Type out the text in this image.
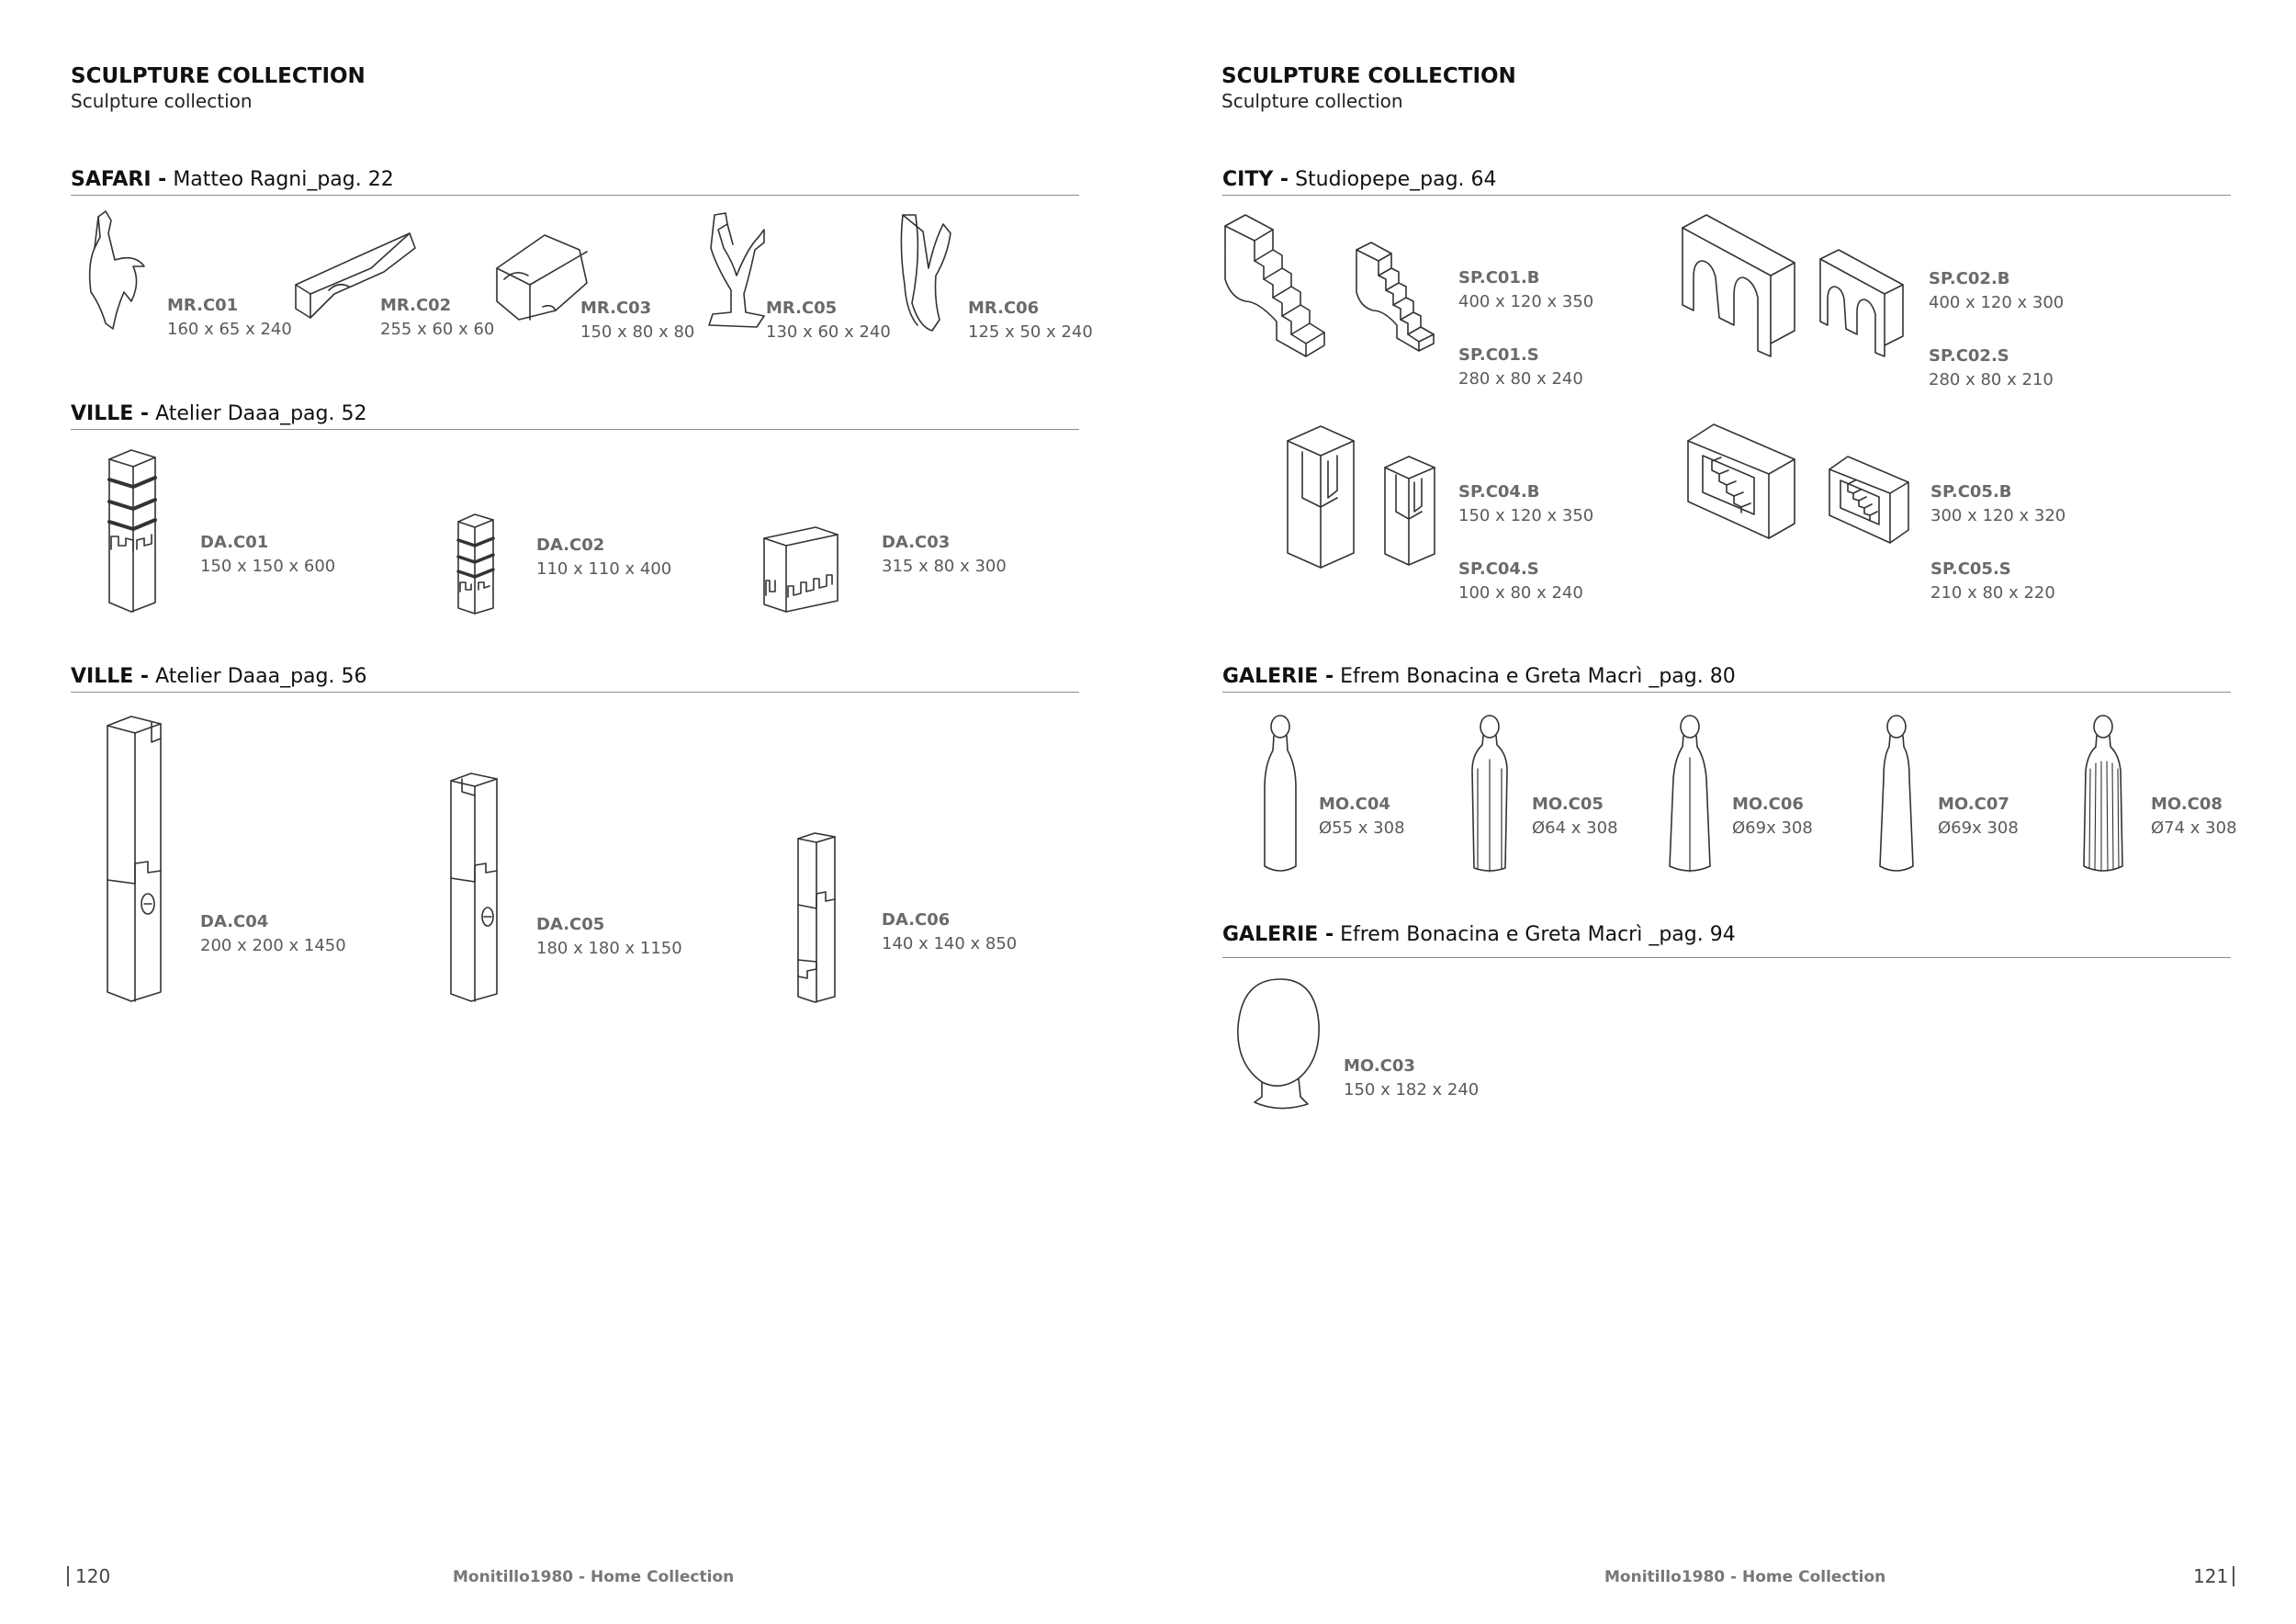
SCULPTURE COLLECTION
Sculpture collection
SAFARI - Matteo Ragni_pag. 22
MR.C01
160 x 65 x 240
MR.C02
255 x 60 x 60
MR.C03
150 x 80 x 80
MR.C05
130 x 60 x 240
MR.C06
125 x 50 x 240
VILLE - Atelier Daaa_pag. 52
DA.C01
150 x 150 x 600
DA.C02
110 x 110 x 400
DA.C03
315 x 80 x 300
VILLE - Atelier Daaa_pag. 56
DA.C04
200 x 200 x 1450
DA.C05
180 x 180 x 1150
DA.C06
140 x 140 x 850
120	Monitillo1980 - Home Collection
SCULPTURE COLLECTION
Sculpture collection
CITY - Studiopepe_pag. 64
SP.C01.B
400 x 120 x 350
SP.C01.S
280 x 80 x 240
SP.C02.B
400 x 120 x 300
SP.C02.S
280 x 80 x 210
SP.C04.B
150 x 120 x 350
SP.C04.S
100 x 80 x 240
SP.C05.B
300 x 120 x 320
SP.C05.S
210 x 80 x 220
GALERIE - Efrem Bonacina e Greta Macrì _pag. 80
MO.C04
Ø55 x 308
MO.C05
Ø64 x 308
MO.C06
Ø69x 308
MO.C07
Ø69x 308
MO.C08
Ø74 x 308
GALERIE - Efrem Bonacina e Greta Macrì _pag. 94
MO.C03
150 x 182 x 240
Monitillo1980 - Home Collection	121
